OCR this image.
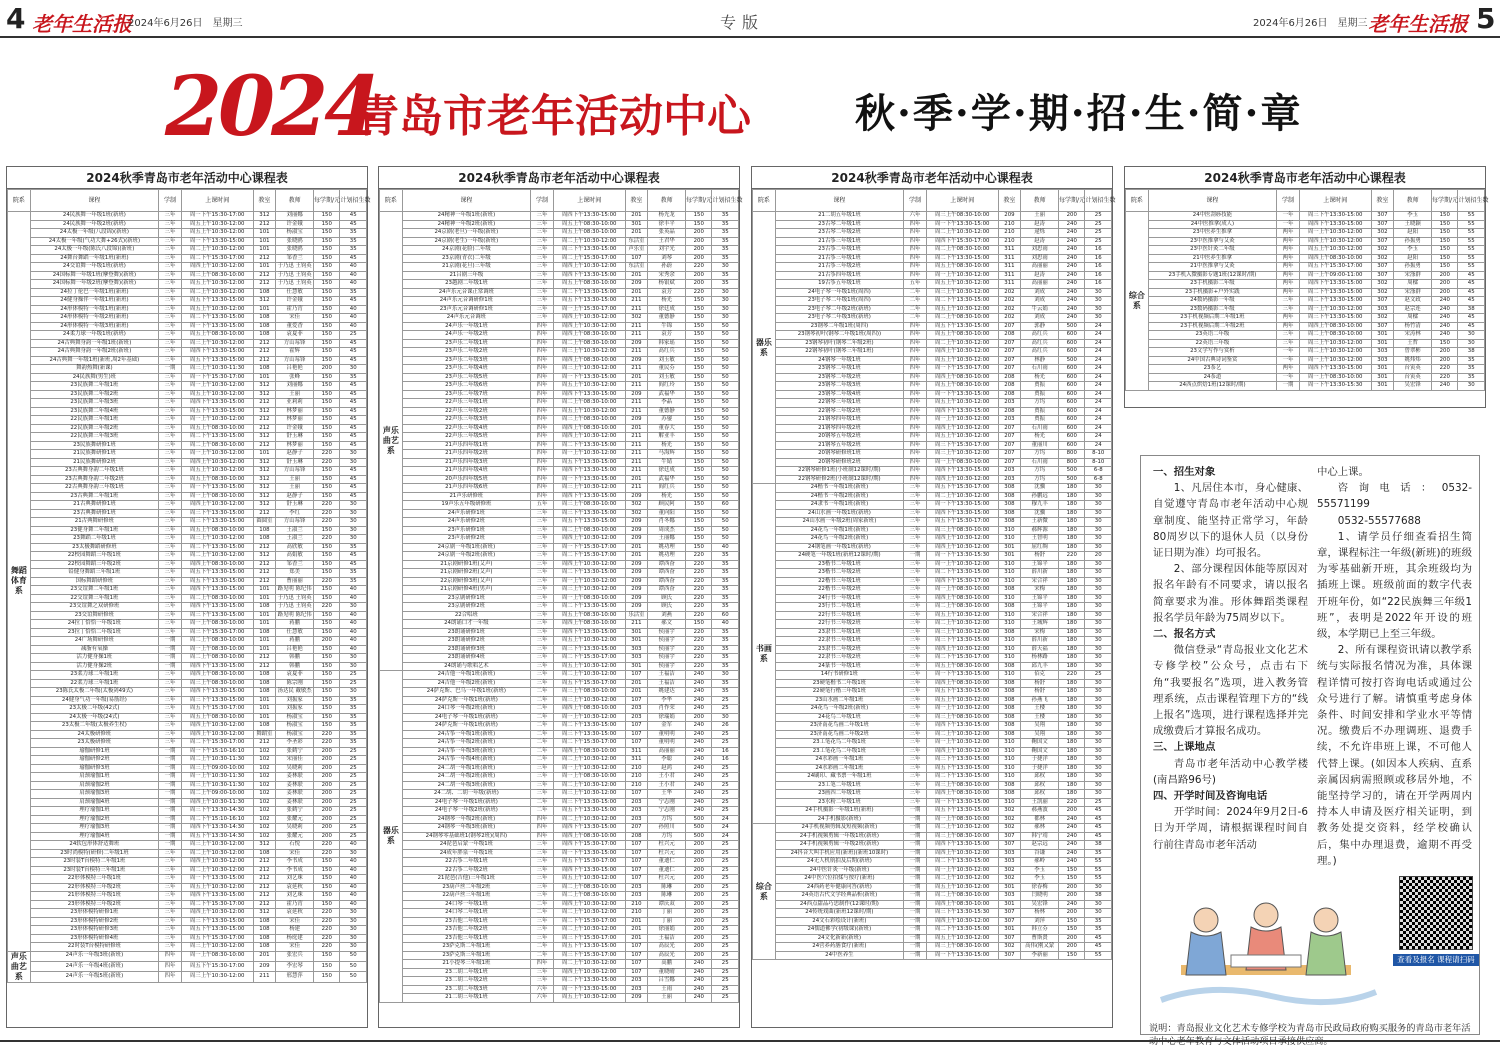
4 老年生活报
2024年6月26日　星期三	专版	2024年6月26日　星期三 老年生活报 5
2024
青岛市老年活动中心	秋·季·学·期·招·生·简·章
2024秋季青岛市老年活动中心课程表
院系	课程	学制	上课时间	教室	教师	每学期/元	计划招生数
舞蹈体育系	24民族舞一年级1班(新班)	三年	周一下午15:30-17:00	312	刘丽娜	150	45
	24民族舞一年级2班(新班)	三年	周五上午10:30-12:00	212	许金娥	150	45
	24太极一年级(八段锦)(新班)	三年	周五上午10:30-12:00	101	杨淑宝	150	35
	24太极一年级(气功大舞+26式)(新班)	三年	周一下午13:30-15:00	101	张晓鸥	150	35
	24太极一年级(陈氏八段锦)(新班)	三年	周二上午10:30-12:00	101	张晓鸥	150	35
	24舞台舞蹈一年级1班(新班)	三年	周二下午15:30-17:00	212	邹香兰	150	45
	24交谊舞一年级1班(新班)	三年	周四上午10:30-12:00	101	于乃迅 王钧英	150	40
	24国标舞一年级1班(摩登舞)(新班)	三年	周三上午08:30-10:00	212	于乃迅 王钧英	150	40
	24国标舞一年级2班(摩登舞)(新班)	三年	周五上午10:30-12:00	212	于乃迅 王钧英	150	40
	24拉丁伦巴一年级1班(新班)	三年	周二上午10:30-12:00	108	任慧敏	150	35
	24健身操伴一年级1班(新班)	三年	周五下午13:30-15:00	312	许金娥	150	45
	24形体模特一年级1班(新班)	三年	周五上午10:30-12:00	101	霍乃宵	150	40
	24形体模特一年级2班(新班)	三年	周二下午13:30-15:00	108	宋佳	150	40
	24形体模特一年级3班(新班)	三年	周一下午13:30-15:00	108	董爱香	150	40
	24柔力球一年级1班(新班)	三年	周五上午08:30-10:00	108	袁夏菲	150	25
	24古典舞身韵一年级1班(新班)	三年	周三上午10:30-12:00	212	方山莓锋	150	45
	24古典舞身韵一年级2班(新班)	三年	周四下午13:30-15:00	212	霍辉	150	45
	24古典舞一年级1班(新班,周2年基础)	三年	周五下午13:30-15:00	212	方山莓锋	150	45
	舞韵热舞(新课)	一期	周三上午10:30-11:30	108	吕艳艳	200	30
	24民族舞(男生)班	三年	周一下午15:30-17:00	101	张峰	150	35
	23民族舞二年级1班	三年	周一上午10:30-12:00	312	刘丽娜	150	45
	23民族舞二年级2班	三年	周五上午10:30-12:00	312	王丽	150	45
	23民族舞二年级3班	三年	周四下午13:30-15:00	212	亚莉莉	150	45
	23民族舞二年级4班	三年	周五下午13:30-15:00	312	林梦丽	150	45
	22民族舞三年级1班	三年	周一上午10:30-12:00	212	林梦丽	150	45
	22民族舞三年级2班	三年	周五上午08:30-10:00	212	许金娥	150	45
	22民族舞三年级3班	三年	周二下午13:30-15:00	312	舒玉琳	150	45
	23民族舞研修1班	三年	周二上午08:30-10:00	212	林梦丽	150	45
	21民族舞研修1班	三年	周一上午10:30-12:00	101	赵静子	220	30
	21民族舞研修2班	三年	周四上午10:30-12:00	312	舒玉琳	220	30
	23古典舞身韵二年级1班	三年	周五上午10:30-12:00	312	方山莓锋	150	45
	23古典舞身韵二年级2班	三年	周五上午08:30-10:00	312	王丽	150	45
	22古典舞身韵三年级1班	三年	周一下午13:30-15:00	312	王丽	150	45
	23古典舞二年级1班	三年	周一上午08:30-10:00	312	赵静子	150	45
	21古典舞研修1班	三年	周四上午10:30-12:00	312	舒玉琳	220	30
	23古典舞研修1班	三年	周三下午13:30-15:00	212	李红	220	30
	21古典舞研修班	三年	周三下午13:30-15:00	圆圆室	方山莓锋	220	30
	23健身舞二年级1班	三年	周五上午08:30-10:00	108	王淑兰	150	30
	23舞蹈二年级1班	三年	周三上午10:30-12:00	108	王淑兰	220	30
	23太极舞蹈研修班	三年	周二下午13:30-15:00	212	高欣敏	150	35
	22校园舞蹈三年级1班	三年	周二上午10:30-12:00	312	高娟敏	150	45
	22校园舞蹈三年级2班	三年	周四上午08:30-10:00	212	邹香兰	150	45
	铅健身舞蹈三年级1班	三年	周五下午13:30-15:00	212	郑美	150	35
	国标舞蹈研修班	三年	周五下午13:30-15:00	212	曹丽丽	220	35
	23交谊舞二年级1班	三年	周四下午13:30-15:00	101	路见明 陈纪伟	150	40
	22交谊舞三年级1班	三年	周二上午08:30-10:00	101	于乃迅 王钧英	150	40
	23交谊舞之双研修班	三年	周四下午13:30-15:00	108	于乃迅 王钧英	220	30
	23交谊舞研修班	三年	周三下午13:30-15:00	101	路见明 陈纪伟	150	40
	24拉丁恰恰一年级1班	三年	周一上午08:30-10:00	101	蒋鹏	150	40
	23拉丁恰恰二年级1班	三年	周三下午15:30-17:00	108	任慧敏	150	40
	24广场舞研修班	一期	周二上午08:30-10:00	101	蒋鹏	200	40
	减脂有氧操	一期	周一上午08:30-10:00	101	吕艳艳	150	40
	活力健身操1班	一期	周二上午08:30-10:00	212	韩鹏	150	30
	活力健身操2班	一期	周四下午13:30-15:00	212	韩鹏	150	30
	23柔力球二年级1班	三年	周四上午08:30-10:00	108	袁夏菲	150	25
	22柔力球三年级1班	三年	周三上午08:30-10:00	108	陈宗刚	150	25
	23陈氏太极二年级(太极剑49式)	三年	周四下午13:30-15:00	108	汤达民 戴敏杰	150	30
	24健身气功一年级(易筋经)	三年	周三下午13:30-15:00	101	刘振家	150	35
	23太极二年级(42式)	三年	周五下午15:30-17:00	101	刘振家	150	35
	24太极一年级(24式)	三年	周五上午08:30-10:00	101	杨淑宝	150	35
	23太极二年级(太极养生杖)	三年	周四上午10:30-12:00	108	杨淑宝	150	35
	24太极研修班	三年	周四上午10:30-12:00	舞蹈室	杨淑宝	220	35
	23太极研修班	三年	周二下午15:30-17:00	212	李圣彩	220	35
	瑜伽研修1班	一期	周一下午15:10-16:10	102	张鹤宁	200	25
	瑜伽研修2班	一期	周二上午10:30-11:30	102	宋丽佳	200	25
	瑜伽研修3班	一期	周三上午09:00-10:00	102	吴晓莉	200	25
	肩颈瑜伽1班	一期	周一上午10:30-11:30	102	姜林联	200	25
	肩颈瑜伽2班	一期	周三上午10:30-11:30	102	姜林联	200	25
	肩颈瑜伽3班	一期	周二上午09:00-10:00	102	姜林联	200	25
	肩颈瑜伽4班	一期	周四上午10:30-11:30	102	姜林联	200	25
	理疗瑜伽1班	一期	周三下午13:30-14:30	102	张鹤宁	200	25
	理疗瑜伽2班	一期	周二下午15:10-16:10	102	张耀元	200	25
	理疗瑜伽3班	一期	周四下午13:30-14:30	102	吴晓莉	200	25
	理疗瑜伽4班	一期	周五下午13:30-14:30	102	张耀元	200	25
	24软包形体舒适舞班	一期	周三上午10:30-12:00	312	石悦	220	40
	23时尚模特(研修)二年级1班	三年	周二上午10:30-12:00	108	宋佳	220	30
	23时装T台模特二年级1班	三年	周四上午10:30-12:00	212	李书成	150	40
	23时装T台模特三年级1班	三年	周二上午10:30-12:00	212	李书成	150	40
	22形体模特三年级1班	三年	周一下午13:30-15:00	212	刘艺珠	150	40
	22形体模特三年级2班	三年	周五上午10:30-12:00	212	袁延秋	150	40
	21形体模特三年级1班	三年	周四下午13:30-15:00	212	刘艺珠	150	40
	23形体模特三年级2班	三年	周二下午15:30-17:00	212	霍乃宵	150	40
	23形体模特研修1班	三年	周四上午10:30-12:00	312	袁延秋	220	30
	23形体模特研修2班	三年	周三下午13:30-15:00	108	宋佳	220	30
	23形体模特研修3班	三年	周五下午13:30-15:00	108	杨建	220	30
	23形体模特研修4班	三年	周五下午15:30-17:00	108	杨庭建	220	30
	22时装T台模特研修班	三年	周三上午10:30-12:00	108	宋佳	220	30
声乐曲艺系	24声乐一年级3班(新班)	四年	周一上午08:30-10:00	201	张宏兵	150	50
	24声乐一年级4班(新班)	四年	周五下午15:30-17:00	209	李宏琴	150	50
	24声乐一年级5班(新班)	四年	周三上午10:30-12:00	211	邢慧萍	150	50
2024秋季青岛市老年活动中心课程表
院系	课程	学制	上课时间	教室	教师	每学期/元	计划招生数
声乐曲艺系	24精神一年级1班(新班)	三年	周四下午13:30-15:00	201	杨光龙	150	35
	24精神一年级2班(新班)	三年	周五上午08:30-10:00	301	徐丰平	150	35
	24京剧(老旦)一年级(新班)	三年	周五上午08:30-10:00	201	张英晶	200	35
	24京剧(老生)一年级(新班)	三年	周二上午10:30-12:00	东活室	王君华	200	35
	24京剧(花脸)二年级	三年	周三下午13:30-15:00	声乐室	刘宇光	200	35
	23京剧(青衣)二年级	三年	周二上午15:30-17:00	107	刘琴	200	35
	21京剧(花旦)三年级	三年	周四上午10:30-12:00	东活室	孙蔚	220	30
	21吕剧三年级	三年	周四下午13:30-15:00	201	宋秀余	200	35
	23越剧二年级1班	三年	周五上午08:30-10:00	209	杨银斌	200	35
	24声乐元音课正常调班	三年	周二下午13:30-15:00	201	袁芳	220	30
	24声乐元音调研修1班	三年	周五下午13:30-15:00	211	杨光	150	30
	23声乐元音调研修1班	三年	周一上午15:30-17:00	211	徐廷成	150	30
	24声乐元音调班	三年	周四上午10:30-12:00	302	董德静	150	30
	24声乐一年级1班	四年	周四上午10:30-12:00	211	牛锦	150	50
	24声乐一年级2班	四年	周四上午08:30-10:00	211	袁芳	150	50
	23声乐二年级1班	四年	周二上午08:30-10:00	209	韩家瑶	150	50
	23声乐二年级2班	四年	周三上午10:30-12:00	211	高红兵	150	50
	23声乐二年级3班	四年	周四上午08:30-10:00	209	刘玉敏	150	50
	23声乐二年级4班	四年	周三上午10:30-12:00	211	董民芬	150	50
	23声乐二年级5班	四年	周一下午13:30-15:00	201	刘玉敏	150	50
	23声乐二年级6班	四年	周五上午10:30-12:00	211	阎红玲	150	50
	23声乐二年级7班	四年	周四下午13:30-15:00	209	武福华	150	50
	22声乐三年级1班	四年	周二上午08:30-10:00	211	李晶	150	50
	22声乐三年级2班	四年	周五上午10:30-12:00	211	董德静	150	50
	22声乐三年级3班	四年	周三上午08:30-10:00	209	苏鋆	150	50
	22声乐三年级4班	四年	周四上午08:30-10:00	201	董春大	150	50
	22声乐三年级5班	四年	周四上午10:30-12:00	211	解亚丰	150	50
	21声乐四年级1班	四年	周二下午13:30-15:00	211	杨光	150	50
	21声乐四年级2班	四年	周一上午10:30-12:00	211	马海辉	150	50
	21声乐四年级3班	四年	周五下午13:30-15:00	211	牛婧	150	50
	21声乐四年级4班	四年	周四下午13:30-15:00	211	徐廷成	150	50
	20声乐四年级5班	四年	周一下午13:30-15:00	201	武福华	150	50
	21声乐四年级6班	四年	周三上午10:30-12:00	211	阎红兵	150	50
	21声乐研修班	四年	周四下午13:30-15:00	209	杨光	150	50
	19声乐五年级研修班	五年	周三上午08:30-10:00	302	顾民阿	150	60
	24声乐研修1班	三年	周三下午13:30-15:00	302	董向阳	150	50
	24声乐研修2班	三年	周五下午13:30-15:00	209	肖冬娜	150	50
	23声乐研修1班	三年	周二上午08:30-10:00	209	周成杰	150	50
	23声乐研修2班	三年	周四上午10:30-12:00	209	王丽娜	150	50
	24京剧一年级1班(新班)	三年	周一下午15:30-17:00	201	姚功理	150	40
	24京剧一年级2班(新班)	三年	周二下午15:30-17:00	201	姚功理	220	35
	21京剧研修1班(艾声)	三年	周四上午10:30-12:00	209	谭西奋	220	35
	21京剧研修2班(艾声)	三年	周二下午13:30-15:00	209	谭西奋	220	35
	22京剧研修3班(艾声)	三年	周一上午10:30-12:00	209	谭西奋	220	35
	21京剧研修4班(男声)	三年	周三上午10:30-12:00	209	谭西奋	220	35
	23京剧研修1班	三年	周一上午08:30-10:00	209	顾氏	220	35
	23京剧研修2班	三年	周二下午13:30-15:00	209	顾氏	220	35
	22合唱班	三年	周五上午08:30-10:00	乐活室	刘燕	220	60
	24朗诵口才一年级	三年	周四上午08:30-10:00	211	郝文	150	40
	23朗诵研修1班	三年	周四下午13:30-15:00	301	侯丽宇	220	35
	23朗诵研修2班	三年	周五上午10:30-12:00	301	侯丽宇	220	35
	23朗诵研修3班	三年	周三下午13:30-15:00	303	侯丽宇	220	35
	23朗诵研修4班	三年	周二下午15:30-17:00	303	侯丽宇	220	35
	24朗诵与歌唱艺术	三年	周五上午10:30-12:00	301	侯丽宇	220	35
器乐系	24吉他一年级1班(新班)	三年	周二上午10:30-12:00	107	王福洁	240	30
	24吉他一年级2班(新班)	三年	周五下午15:30-17:00	201	王福洁	240	35
	24萨克斯、巴乌一年级1班(新班)	二年	周三上午08:30-10:00	201	姚建达	240	35
	24萨克斯一年级1班(新班)	二年	周三上午10:30-12:00	107	李华	240	25
	24口琴一年级2班(新班)	二年	周四上午08:30-10:00	203	肖作荣	240	25
	24电子琴一年级1班(新班)	二年	周一上午10:30-12:00	203	徐瑞娟	200	30
	24萨克斯一年级1班(新班)	二年	周二下午13:30-15:00	107	金军	240	26
	24古筝一年级1班(新班)	二年	周三下午13:30-15:00	107	董明明	240	25
	24古筝一年级2班(新班)	二年	周二下午15:30-17:00	107	董明明	240	25
	24古筝一年级3班(新班)	二年	周四上午08:30-10:00	311	高丽丽	240	16
	24古筝一年级4班(新班)	二年	周二上午10:30-12:00	311	李聪	240	16
	24二胡一年级1班(新班)	三年	周一上午10:30-12:00	210	赵鸿	240	25
	24二胡一年级2班(新班)	三年	周一上午08:30-10:00	210	王小君	240	25
	24二胡一年级3班(新班)	三年	周二上午10:30-12:00	210	王小君	240	25
	24二胡、二胡一年级(新班)	三年	周三上午10:30-12:00	107	王华	240	25
	24电子琴一年级1班(新班)	二年	周三下午13:30-15:00	203	宁志刚	240	25
	24电子琴一年级2班(新班)	二年	周五下午13:30-15:00	203	宁志刚	240	25
	24钢琴一年级2班(新班)	四年	周二上午10:30-12:00	203	方坞	500	24
	24钢琴一年级3班(新班)	四年	周四下午13:30-15:00	207	孙照川	500	24
	24钢琴零基础班1(钢琴2班)(周四)	四年	周四上午08:30-10:00	208	方坞	500	24
	24琵琶启蒙一年级1班	三年	周四下午15:30-17:00	107	杜兴元	200	25
	24成年胖泉一年级1班	三年	周一下午13:30-15:00	107	杜兴元	200	25
	22古筝二年级1班	三年	周五下午15:30-17:00	107	董迪仁	200	25
	22古筝二年级2班	三年	周四下午13:30-15:00	107	董迪仁	200	25
	21琵琶(吉他)三年级1班	三年	周五上午10:30-12:00	107	杜兴元	200	25
	23葫芦丝二年级2班	三年	周二上午08:30-10:00	203	陈琳	200	25
	22葫芦丝三年级1班	三年	周二上午08:30-10:00	203	陈琳	200	25
	24口琴一年级1班	二年	周四上午10:30-12:00	210	谭庆双	200	25
	24口琴二年级1班	二年	周二上午10:30-12:00	210	丁丽	200	25
	23吉他二年级1班	三年	周二下午15:30-17:00	201	丁丽	200	25
	23吉他二年级2班	三年	周二上午10:30-12:00	201	徐丽娟	200	25
	23吉他三年级1班	三年	周三下午15:30-17:00	201	王福洁	200	25
	23萨克斯二年级1班	二年	周五下午13:30-15:00	107	高辰光	200	25
	23萨克斯三年级1班	二年	周三下午15:30-17:00	107	高辰光	200	25
	21小提琴三年级1班	四年	周二上午10:30-12:00	107	高鹏	240	25
	23二胡二年级1班	三年	周四上午10:30-12:00	107	董晓晴	240	25
	23二胡二年级2班	三年	周二下午13:30-15:00	203	吕雪娜	240	25
	23二胡二年级3班	六年	周一下午13:30-15:00	203	王雨	240	25
	21二胡三年级1班	六年	周五上午10:30-12:00	209	王丽	240	25
2024秋季青岛市老年活动中心课程表
院系	课程	学制	上课时间	教室	教师	每学期/元	计划招生数
器乐系	21二胡五年级1班	六年	周三上午08:30-10:00	209	王丽	200	25
	23古琴二年级1班	四年	周一下午13:30-15:00	210	赵涛	240	25
	23古琴二年级2班	四年	周二上午10:30-12:00	210	逯烁	240	25
	21古筝三年级1班	四年	周四下午15:30-17:00	210	赵涛	240	25
	23古筝二年级1班	四年	周二上午08:30-10:00	311	刘思雨	240	16
	21古筝三年级1班	四年	周二下午13:30-15:00	311	刘思雨	240	16
	21古筝三年级2班	四年	周五上午08:30-10:00	311	高丽丽	240	16
	21古筝四年级1班	四年	周一上午10:30-12:00	311	赵涛	240	16
	19古筝五年级1班	五年	周五上午10:30-12:00	311	高丽丽	240	16
	24电子琴一年级1班(周四)	二年	周三上午10:30-12:00	202	刘成	240	30
	23电子琴二年级1班(周四)	二年	周二下午13:30-15:00	202	刘成	240	30
	23电子琴二年级2班(新班)	二年	周五上午10:30-12:00	202	牛云娟	240	30
	23电子琴二年级3班(新班)	二年	周二上午08:30-10:00	202	刘成	240	30
	23钢琴二年级1班(周四)	四年	周五下午13:30-15:00	207	郭静	500	24
	23钢琴初叶(钢琴二年级1班(周四))	四年	周五上午08:30-10:00	208	高红兵	600	24
	23钢琴初叶(钢琴二年级2班)	四年	周二上午10:30-12:00	207	高红兵	600	24
	22钢琴初叶(钢琴三年级1班)	四年	周四上午10:30-12:00	207	高红兵	600	24
	24钢琴一年级1班	四年	周五上午10:30-12:00	207	林静	500	24
	23钢琴二年级1班	四年	周一下午15:30-17:00	207	石川雨	600	24
	23钢琴二年级2班	四年	周四上午08:30-10:00	208	杨光	600	24
	23钢琴二年级3班	四年	周五上午08:30-10:00	208	贾振	600	24
	23钢琴二年级4班	四年	周一下午13:30-15:00	208	贾振	600	24
	22钢琴三年级1班	四年	周五上午10:30-12:00	203	方坞	600	24
	22钢琴三年级2班	四年	周四下午13:30-15:00	208	贾振	600	24
	21钢琴四年级1班	四年	周一上午10:30-12:00	203	贾振	600	24
	21钢琴四年级2班	四年	周四上午10:30-12:00	207	石川雨	600	24
	20钢琴五年级2班	四年	周五上午10:30-12:00	207	杨光	600	24
	21钢琴五年级2班	四年	周三下午15:30-17:00	207	董丽川	600	24
	20钢琴研修班1班	四年	周三上午10:30-12:00	207	方坞	800	8-10
	20钢琴研修班2班	四年	周一上午08:30-10:00	207	石川雨	800	8-10
	22钢琴研修1班(小班制12课时/期)	四年	周四下午13:30-15:00	203	方坞	500	6-8
	22钢琴研修2班(小班制12课时/期)	四年	周四上午10:30-12:00	203	方坞	500	6-8
书画系	24楷书一年级1班(新班)	三年	周五下午15:30-17:00	308	沈骥	180	30
	24楷书一年级2班(新班)	三年	周二上午10:30-12:00	308	孙鹏远	180	30
	24隶书一年级1班(新班)	三年	周一下午13:30-15:00	308	穆九丰	180	30
	24山水画一年级1班(新班)	三年	周四下午13:30-15:00	308	沈骥	180	30
	24山水画一年级2班(周家新班)	三年	周五下午15:30-17:00	308	王新微	180	30
	24花鸟一年级1班(新班)	三年	周三上午08:30-10:00	310	郝辉源	180	30
	24花鸟一年级2班(新班)	三年	周四上午10:30-12:00	310	王智明	180	30
	24钢笔画一年级1班(新班)	三年	周四上午10:30-12:00	301	屈红绸	180	30
	24硬笔一年级1班(新班12课时/期)	一期	周一下午13:30-15:30	301	杨舒	220	20
	23楷书二年级1班	三年	周一上午10:30-12:00	310	王锦平	180	30
	23楷书二年级2班	三年	周二下午13:30-15:00	310	薛川新	180	30
	22楷书三年级1班	三年	周四下午15:30-17:00	310	宋合祥	180	30
	22楷书三年级2班	三年	周一上午08:30-10:00	308	宋梅	180	30
	24行书一年级1班	三年	周四上午08:30-10:00	310	王锦平	180	30
	23行书二年级1班	三年	周二上午08:30-10:00	308	王锦平	180	30
	22行书三年级1班	三年	周五上午10:30-12:00	310	宋合祥	180	30
	22行书三年级2班	三年	周二上午10:30-12:00	310	王城辉	180	30
	23隶书二年级1班	三年	周三上午10:30-12:00	308	宋梅	180	30
	22隶书三年级1班	三年	周三下午13:30-15:00	310	薛川新	180	30
	23隶书二年级2班	三年	周四上午10:30-12:00	310	薛天福	180	30
	22隶书三年级2班	三年	周二下午15:30-17:00	310	杨林路	180	30
	24篆书一年级1班	三年	周五上午08:30-10:00	308	邱九丰	180	30
	14行书研修1班	三年	周一下午13:30-15:00	310	佰克	220	25
	23硬笔楷书二年级1班	三年	周四上午08:30-10:00	308	杨舒	180	30
	22硬笔行楷三年级1班	三年	周五下午13:30-15:00	308	杨舒	180	30
	23山水画二年级1班	三年	周五上午10:30-12:00	308	孙燕飞	180	30
	24花鸟一年级2班(新班)	三年	周一上午10:30-12:00	308	王楼	180	30
	24花鸟二年级1班	三年	周三上午08:30-10:00	308	王楼	180	30
	23济南花鸟画二年级1班	三年	周四下午13:30-15:00	308	吴翔	180	30
	23济南花鸟画二年级2班	三年	周二上午10:30-12:00	308	吴翔	180	30
	23工笔花鸟二年级1班	三年	周一上午10:30-12:00	310	鞠国文	180	30
	23工笔花鸟二年级1班	三年	周四上午10:30-12:00	310	鞠国文	180	30
	24水彩画一年级1班	三年	周三下午13:30-15:00	310	于捷洋	180	30
	24水彩画二年级1班	三年	周五下午13:30-15:00	310	于捷洋	180	30
	24刷印、藏书票一年级1班	三年	周二下午13:30-15:00	310	邱权	180	30
	23工笔二年级1班	三年	周三上午08:30-10:00	308	邱权	180	30
	23画四二年级1班	三年	周四上午08:30-10:00	308	邱权	180	30
	23水粉二年级1班	三年	周一下午13:30-15:00	310	王凯丽	220	25
	24手机摄影一年级1班(新班)	一期	周五下午13:30-15:00	302	郝燕波	200	45
	24手机摄影(新班)	一期	周一上午08:30-10:00	302	都林	240	45
综合系	24手机视频剪辑及短视频(新班)	一期	周二上午10:30-12:00	302	郝林	240	45
	24手机视频剪辑一年级1班(新班)	一期	周三上午08:30-10:00	307	韩宁靖	240	45
	24手机视频剪辑一年级2班(新班)	一期	周四下午13:30-15:00	307	赵宗远	240	38
	24抖音大叫手机应用(新班)(新班10课时)	一期	周四上午10:30-12:00	303	谷谦	240	35
	24无人机航拍及后期(新班)	一期	周二下午13:30-15:00	303	郝岭	240	55
	24中医针灸一年级(新班)	一期	周一上午10:30-12:00	302	李玉	150	55
	24中医穴位拍揉与按疗(新班)	一期	周二上午10:30-12:00	302	李玉	150	55
	24西药老年健康问答(新班)	一期	周五上午10:30-12:00	301	徐春梅	200	30
	24英语古代文学经典品析(新班)	一期	周二上午08:30-10:00	303	闫晓明	200	38
	24西点甜品巧思制作(12课时/期)	一期	周四上午08:30-10:00	301	吴宏锋	240	30
	24传统戏曲(新班12课时/期)	一期	周三下午13:30-15:30	307	杨林	200	30
	24文石彩绘设计(新班)	一期	周四上午10:30-12:00	307	刘萍	150	35
	24儒道佛学(初级课)(新班)	一期	周二下午13:30-15:00	301	韩立芬	150	35
	24文化新新(新班)	一期	周五上午10:30-12:00	307	曹斯贤	200	45
	24营养药膳食疗(新班)	一期	周三上午08:30-10:00	302	高伟(刚又蒙	200	45
	24中医养生	一期	周一下午13:30-15:00	307	李新丽	150	55
2024秋季青岛市老年活动中心课程表
院系	课程	学制	上课时间	教室	教师	每学期/元	计划招生数
综合系	24中医刮痧技能	一年	周三下午13:30-15:00	307	李玉	150	55
	24中医推拿(成人)	一年	周四下午13:30-15:00	307	王晓颖	150	55
	23中医养生推拿	两年	周一上午10:30-12:00	302	赵阳	150	55
	23中医推拿与艾灸	两年	周四上午10:30-12:00	307	孙振勇	150	55
	23中医针灸二年级	两年	周五上午10:30-12:00	302	李玉	150	55
	21中医养生推拿	两年	周四上午08:30-10:00	302	赵阳	150	55
	21中医推拿与艾灸	两年	周五下午15:30-17:00	307	孙振勇	150	55
	23手机入微摄影专题1班(12课时/期)	两年	周一上午09:00-11:00	307	宋涤群	200	45
	23手机摄影二年级	两年	周四下午13:30-15:00	302	周樑	200	45
	23手机摄影+户外实践	两年	周二下午13:30-15:00	302	宋涤群	200	45
	24数码摄影一年级	三年	周二下午13:30-15:00	307	赵文政	240	45
	23数码摄影二年级	三年	周一上午10:30-12:00	303	赵宗连	240	38
	23手机视频后期二年级1班	两年	周三下午13:30-15:00	302	周樑	240	45
	23手机视频后期二年级2班	两年	周四上午08:30-10:00	307	杨竹清	240	45
	23英语二年级	三年	周二上午08:30-10:00	301	宋涛林	240	30
	22英语三年级	三年	周三上午10:30-12:00	301	王哲	150	30
	23文学写作与赏析	一年	周二上午10:30-12:00	303	曾翠彬	200	38
	24中国古典诗词鉴赏	一年	周一上午10:30-12:00	303	姚炜炜	200	35
	23茶艺	两年	周四下午13:30-15:00	301	台寅英	220	35
	24茶道	一年	周一上午08:30-10:00	301	台寅英	220	35
	24西点烘焙1班(12课时/期)	一期	周一下午13:30-15:30	301	吴宏锋	240	30
一、招生对象

1、凡居住本市，身心健康、自觉遵守青岛市老年活动中心规章制度、能坚持正常学习，年龄80周岁以下的退休人员（以身份证日期为准）均可报名。

2、部分课程因体能等原因对报名年龄有不同要求，请以报名简章要求为准。形体舞蹈类课程报名学员年龄为75周岁以下。

二、报名方式

微信登录“青岛报业文化艺术专修学校”公众号，点击右下角“我要报名”选项，进入教务管理系统，点击课程管理下方的“线上报名”选项，进行课程选择并完成缴费后才算报名成功。

三、上课地点

青岛市老年活动中心教学楼(南昌路96号)

四、开学时间及咨询电话

开学时间：2024年9月2日-6日为开学周，请根据课程时间自行前往青岛市老年活动

中心上课。

咨询电话：0532-55571199

0532-55577688

1、请学员仔细查看招生简章，课程标注一年级(新班)的班级为零基础新开班，其余班级均为插班上课。班级前面的数字代表开班年份，如“22民族舞三年级1班”，表明是2022年开设的班级，本学期已上至三年级。

2、所有课程资讯请以教学系统与实际报名情况为准，具体课程详情可按打咨询电话或通过公众号进行了解。请慎重考虑身体条件、时间安排和学业水平等情况。缴费后不办理调班、退费手续，不允许串班上课，不可他人代替上课。(如因本人疾病、直系亲属因病需照顾或移居外地，不能坚持学习的，请在开学两周内持本人申请及医疗相关证明，到教务处提交资料，经学校确认后，集中办理退费，逾期不再受理。)

查看及报名 课程请扫码
说明：青岛报业文化艺术专修学校为青岛市民政局政府购买服务的青岛市老年活
